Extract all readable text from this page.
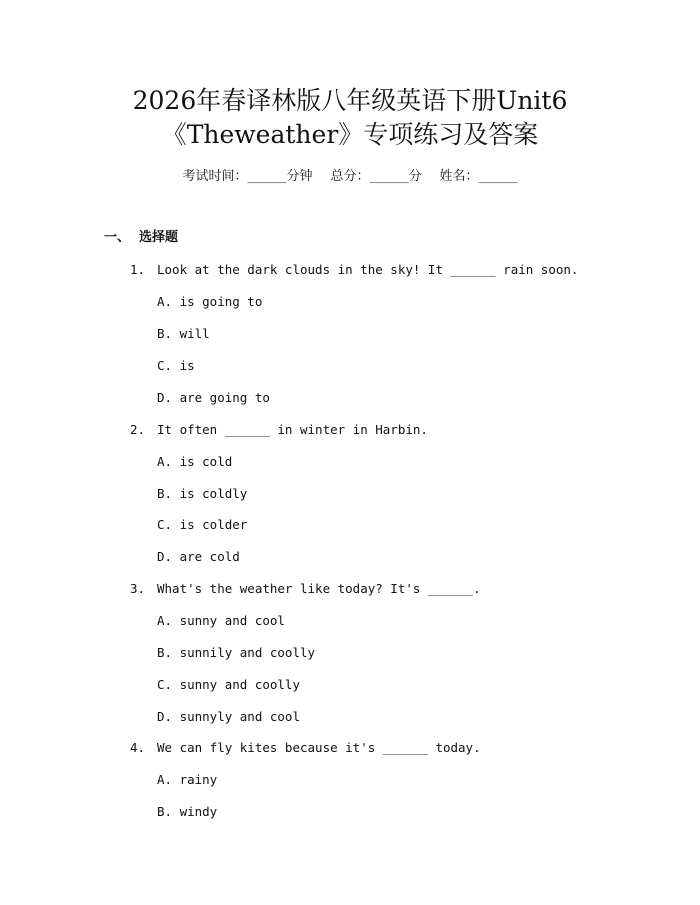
2026年春译林版八年级英语下册Unit6
《Theweather》专项练习及答案
考试时间：______分钟 总分：______分 姓名：______
一、  选择题
1. Look at the dark clouds in the sky! It ______ rain soon.
A. is going to
B. will
C. is
D. are going to
2. It often ______ in winter in Harbin.
A. is cold
B. is coldly
C. is colder
D. are cold
3. What's the weather like today? It's ______.
A. sunny and cool
B. sunnily and coolly
C. sunny and coolly
D. sunnyly and cool
4. We can fly kites because it's ______ today.
A. rainy
B. windy
